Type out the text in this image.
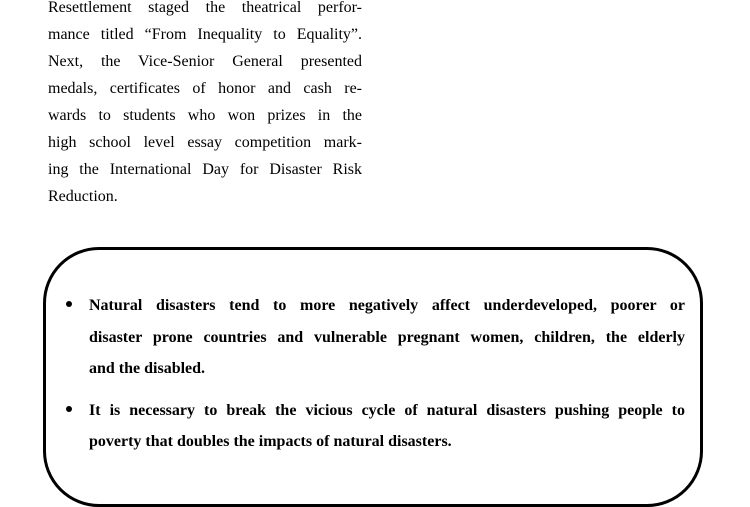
Resettlement staged the theatrical perfor-
mance titled “From Inequality to Equality”.
Next, the Vice-Senior General presented
medals, certificates of honor and cash re-
wards to students who won prizes in the
high school level essay competition mark-
ing the International Day for Disaster Risk
Reduction.
Natural disasters tend to more negatively affect underdeveloped, poorer or
disaster prone countries and vulnerable pregnant women, children, the elderly
and the disabled.
It is necessary to break the vicious cycle of natural disasters pushing people to
poverty that doubles the impacts of natural disasters.
